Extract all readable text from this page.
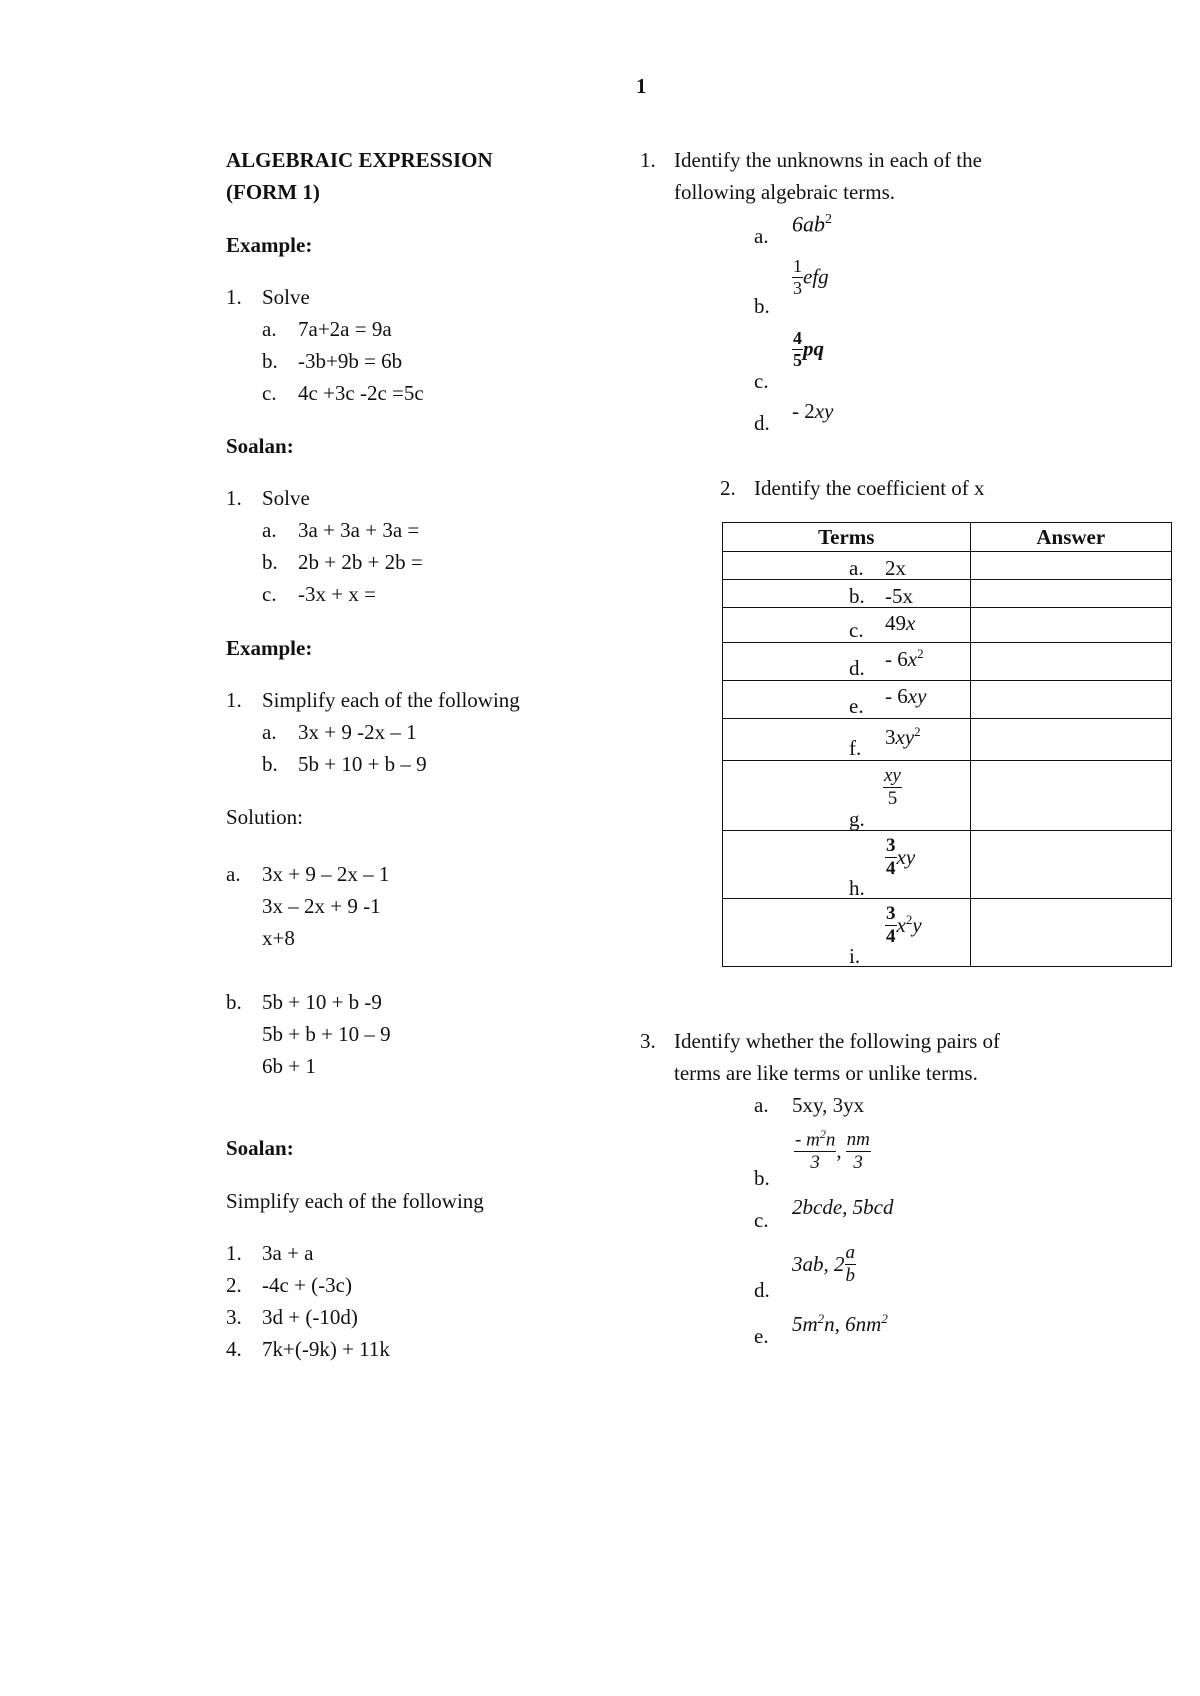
1
ALGEBRAIC EXPRESSION
(FORM 1)
Example:
1. Solve
a. 7a+2a = 9a
b. -3b+9b = 6b
c. 4c +3c -2c =5c
Soalan:
1. Solve
a. 3a + 3a + 3a =
b. 2b + 2b + 2b =
c. -3x + x =
Example:
1. Simplify each of the following
a. 3x + 9 -2x – 1
b. 5b + 10 + b – 9
Solution:
a. 3x + 9 – 2x – 1
3x – 2x + 9 -1
x+8
b. 5b + 10 + b -9
5b + b + 10 – 9
6b + 1
Soalan:
Simplify each of the following
1. 3a + a
2. -4c + (-3c)
3. 3d + (-10d)
4. 7k+(-9k) + 11k
1. Identify the unknowns in each of the
following algebraic terms.
a. $6ab^2$
b.
$\frac{1}{3}$ efg
c.
$\frac{4}{5}$ pq
d. - 2xy
2. Identify the coefficient of x
Terms	Answer

a. 2x	

b. -5x	

c. 49x	

d. - $6x^2$

e. - 6xy	

f. $3xy^2$

g.
$\frac{xy}{5}$

h.
$\frac{3}{4}$ xy	

i.
$\frac{3}{4} x^2y$	

3. Identify whether the following pairs of
terms are like terms or unlike terms.
a. 5xy, 3yx
b.
$\frac{- m^2n}{3}$ , $\frac{nm}{3}$
c.
2bcde, 5bcd
d.
3ab, $2 \frac{a}{b}$
e. $5m^2n$, $6nm^2$
